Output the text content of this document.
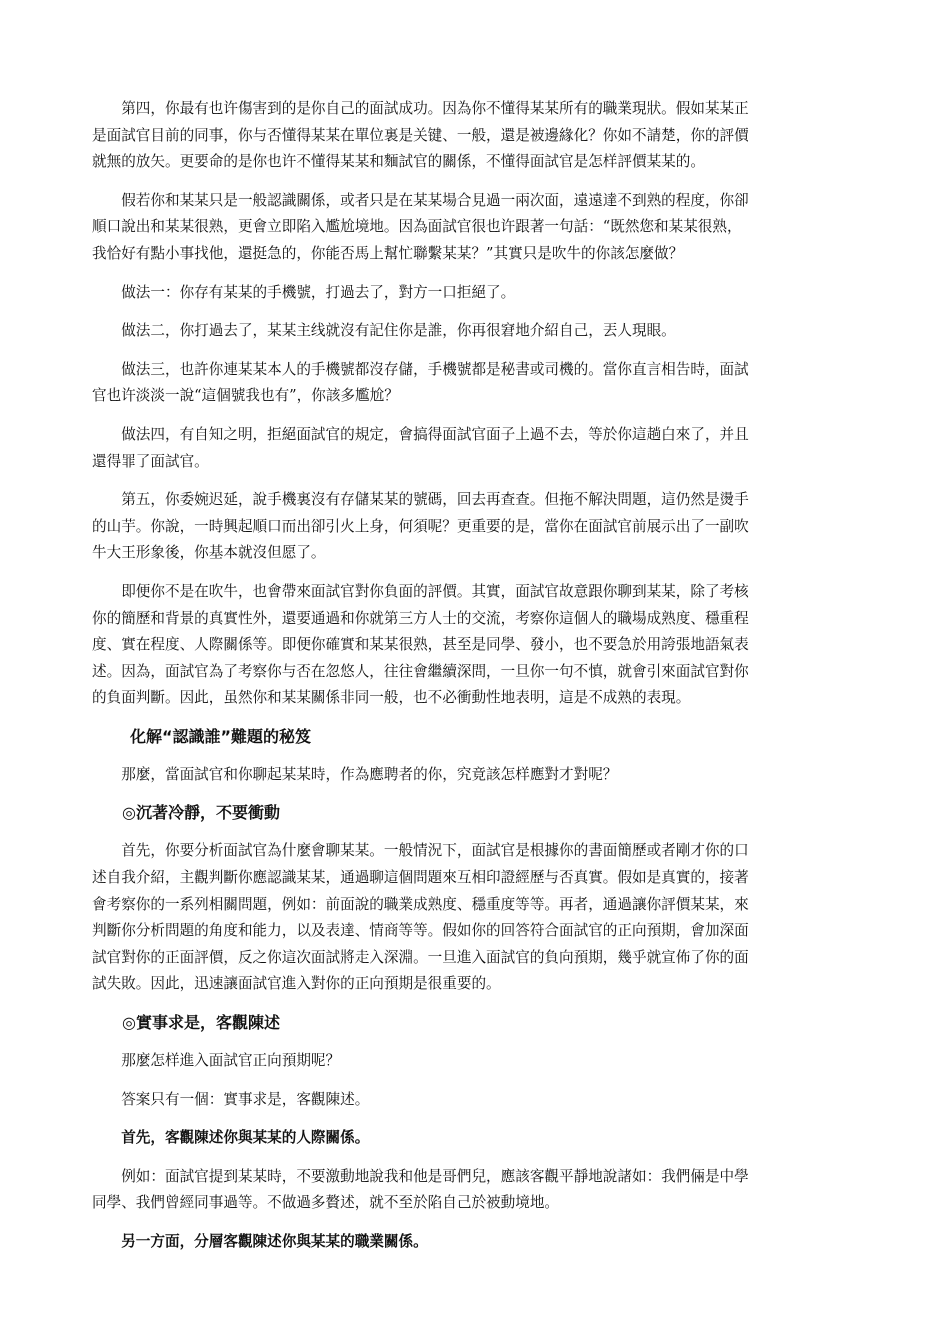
第四，你最有也许傷害到的是你自己的面試成功。因為你不懂得某某所有的職業現狀。假如某某正
是面試官目前的同事，你与否懂得某某在單位裏是关键、一般，還是被邊緣化？你如不請楚，你的評價
就無的放矢。更要命的是你也许不懂得某某和麵試官的關係，不懂得面試官是怎样評價某某的。

假若你和某某只是一般認識關係，或者只是在某某場合見過一兩次面，遠遠達不到熟的程度，你卻
順口說出和某某很熟，更會立即陷入尷尬境地。因為面試官很也许跟著一句話：“既然您和某某很熟，
我恰好有點小事找他，還挺急的，你能否馬上幫忙聯繫某某？”其實只是吹牛的你該怎麼做？

做法一：你存有某某的手機號，打過去了，對方一口拒絕了。

做法二，你打過去了，某某主线就沒有記住你是誰，你再很窘地介紹自己，丟人現眼。

做法三，也許你連某某本人的手機號都沒存儲，手機號都是秘書或司機的。當你直言相告時，面試
官也许淡淡一說“這個號我也有”，你該多尷尬？

做法四，有自知之明，拒絕面試官的規定，會搞得面試官面子上過不去，等於你這趟白來了，并且
還得罪了面試官。

第五，你委婉迟延，說手機裏沒有存儲某某的號碼，回去再查查。但拖不解決問題，這仍然是燙手
的山芋。你說，一時興起順口而出卻引火上身，何須呢？更重要的是，當你在面試官前展示出了一副吹
牛大王形象後，你基本就沒但愿了。

即便你不是在吹牛，也會帶來面試官對你負面的評價。其實，面試官故意跟你聊到某某，除了考核
你的簡歷和背景的真實性外，還要通過和你就第三方人士的交流，考察你這個人的職場成熟度、穩重程
度、實在程度、人際關係等。即便你確實和某某很熟，甚至是同學、發小，也不要急於用誇張地語氣表
述。因為，面試官為了考察你与否在忽悠人，往往會繼續深問，一旦你一句不慎，就會引來面試官對你
的負面判斷。因此，虽然你和某某關係非同一般，也不必衝動性地表明，這是不成熟的表現。

化解“認識誰”難題的秘笈

那麼，當面試官和你聊起某某時，作為應聘者的你，究竟該怎样應對才對呢？

◎沉著冷靜，不要衝動

首先，你要分析面試官為什麼會聊某某。一般情況下，面試官是根據你的書面簡歷或者剛才你的口
述自我介紹，主觀判斷你應認識某某，通過聊這個問題來互相印證經歷与否真實。假如是真實的，接著
會考察你的一系列相關問題，例如：前面說的職業成熟度、穩重度等等。再者，通過讓你評價某某，來
判斷你分析問題的角度和能力，以及表達、情商等等。假如你的回答符合面試官的正向預期，會加深面
試官對你的正面評價，反之你這次面試將走入深淵。一旦進入面試官的負向預期，幾乎就宣佈了你的面
試失敗。因此，迅速讓面試官進入對你的正向預期是很重要的。

◎實事求是，客觀陳述

那麼怎样進入面試官正向預期呢？

答案只有一個：實事求是，客觀陳述。

首先，客觀陳述你與某某的人際關係。

例如：面試官提到某某時，不要激動地說我和他是哥們兒，應該客觀平靜地說諸如：我們倆是中學
同學、我們曾經同事過等。不做過多贅述，就不至於陷自己於被動境地。

另一方面，分層客觀陳述你與某某的職業關係。
